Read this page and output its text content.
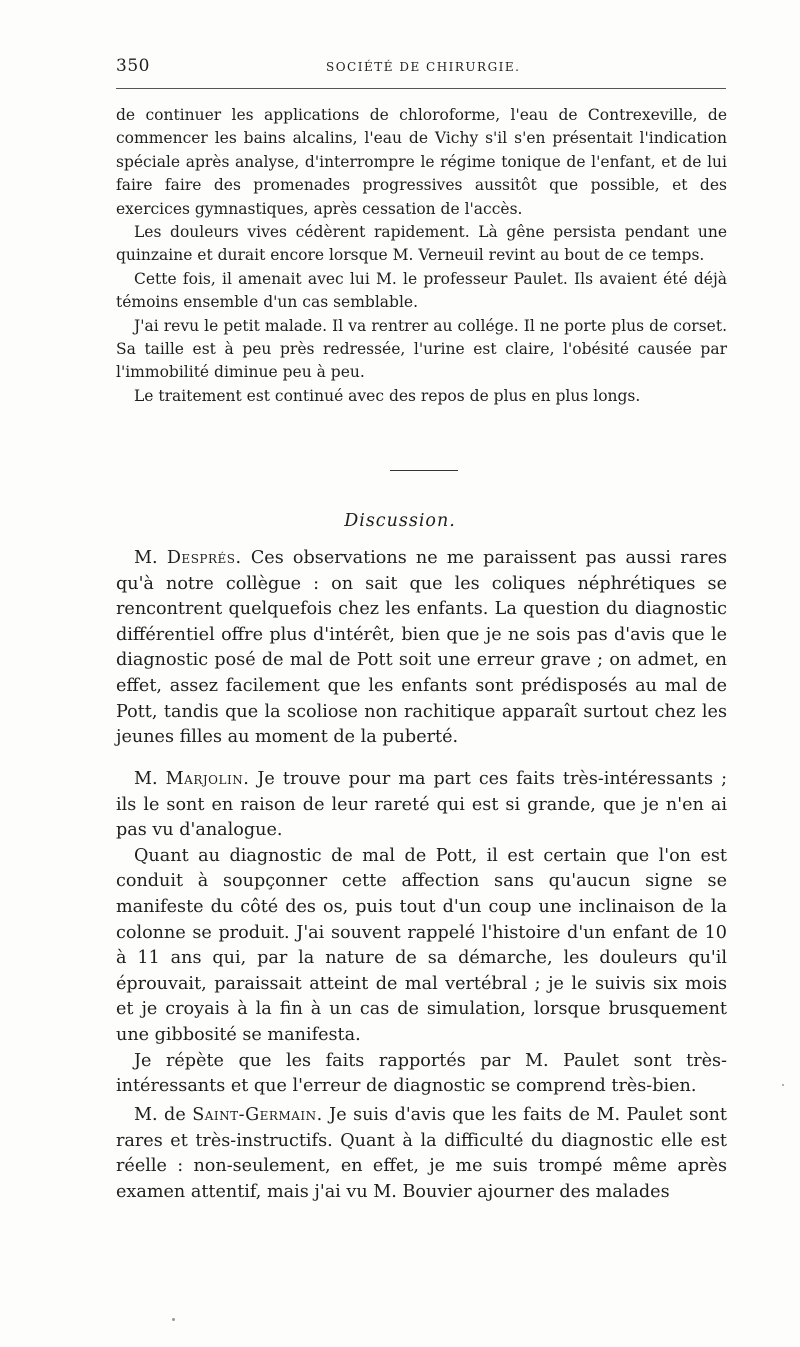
350	SOCIÉTÉ DE CHIRURGIE.

de continuer les applications de chloroforme, l'eau de Contrexeville, de commencer les bains alcalins, l'eau de Vichy s'il s'en présentait l'indication spéciale après analyse, d'interrompre le régime tonique de l'enfant, et de lui faire faire des promenades progressives aussitôt que possible, et des exercices gymnastiques, après cessation de l'accès.

Les douleurs vives cédèrent rapidement. Là gêne persista pendant une quinzaine et durait encore lorsque M. Verneuil revint au bout de ce temps.

Cette fois, il amenait avec lui M. le professeur Paulet. Ils avaient été déjà témoins ensemble d'un cas semblable.

J'ai revu le petit malade. Il va rentrer au collége. Il ne porte plus de corset. Sa taille est à peu près redressée, l'urine est claire, l'obésité causée par l'immobilité diminue peu à peu.

Le traitement est continué avec des repos de plus en plus longs.

Discussion.

M. Després. Ces observations ne me paraissent pas aussi rares qu'à notre collègue : on sait que les coliques néphrétiques se rencontrent quelquefois chez les enfants. La question du diagnostic différentiel offre plus d'intérêt, bien que je ne sois pas d'avis que le diagnostic posé de mal de Pott soit une erreur grave ; on admet, en effet, assez facilement que les enfants sont prédisposés au mal de Pott, tandis que la scoliose non rachitique apparaît surtout chez les jeunes filles au moment de la puberté.

M. Marjolin. Je trouve pour ma part ces faits très-intéressants ; ils le sont en raison de leur rareté qui est si grande, que je n'en ai pas vu d'analogue.

Quant au diagnostic de mal de Pott, il est certain que l'on est conduit à soupçonner cette affection sans qu'aucun signe se manifeste du côté des os, puis tout d'un coup une inclinaison de la colonne se produit. J'ai souvent rappelé l'histoire d'un enfant de 10 à 11 ans qui, par la nature de sa démarche, les douleurs qu'il éprouvait, paraissait atteint de mal vertébral ; je le suivis six mois et je croyais à la fin à un cas de simulation, lorsque brusquement une gibbosité se manifesta.

Je répète que les faits rapportés par M. Paulet sont très-intéressants et que l'erreur de diagnostic se comprend très-bien.

M. de Saint-Germain. Je suis d'avis que les faits de M. Paulet sont rares et très-instructifs. Quant à la difficulté du diagnostic elle est réelle : non-seulement, en effet, je me suis trompé même après examen attentif, mais j'ai vu M. Bouvier ajourner des malades
